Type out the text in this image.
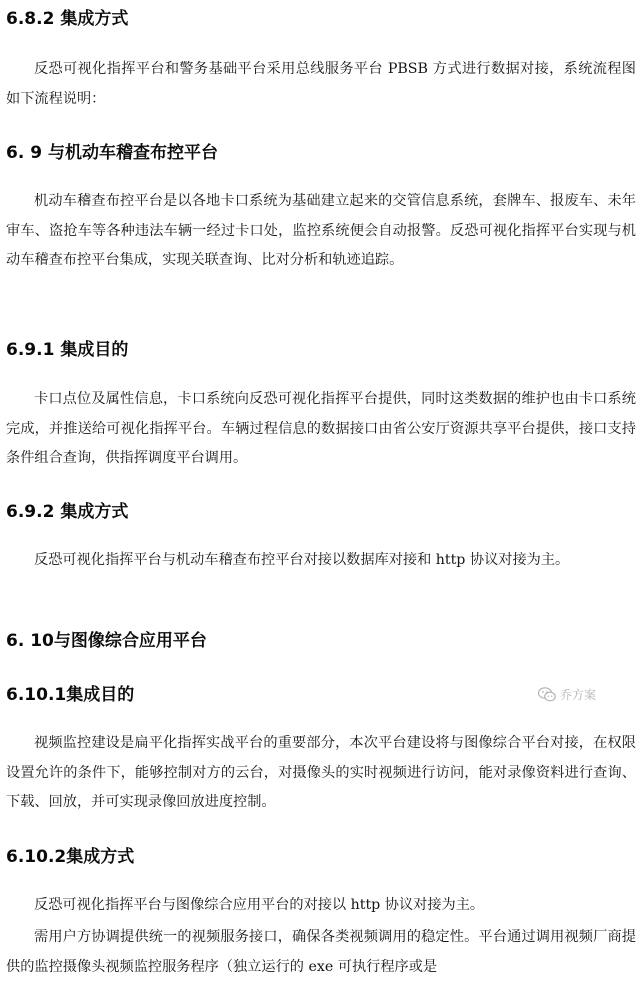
6.8.2 集成方式

反恐可视化指挥平台和警务基础平台采用总线服务平台 PBSB 方式进行数据对接，系统流程图如下流程说明：

6. 9 与机动车稽查布控平台

机动车稽查布控平台是以各地卡口系统为基础建立起来的交管信息系统，套牌车、报废车、未年审车、盗抢车等各种违法车辆一经过卡口处，监控系统便会自动报警。反恐可视化指挥平台实现与机动车稽查布控平台集成，实现关联查询、比对分析和轨迹追踪。

6.9.1 集成目的

卡口点位及属性信息，卡口系统向反恐可视化指挥平台提供，同时这类数据的维护也由卡口系统完成，并推送给可视化指挥平台。车辆过程信息的数据接口由省公安厅资源共享平台提供，接口支持条件组合查询，供指挥调度平台调用。

6.9.2 集成方式

反恐可视化指挥平台与机动车稽查布控平台对接以数据库对接和 http 协议对接为主。

6. 10与图像综合应用平台
6.10.1集成目的

视频监控建设是扁平化指挥实战平台的重要部分，本次平台建设将与图像综合平台对接，在权限设置允许的条件下，能够控制对方的云台，对摄像头的实时视频进行访问，能对录像资料进行查询、下载、回放，并可实现录像回放进度控制。

6.10.2集成方式

反恐可视化指挥平台与图像综合应用平台的对接以 http 协议对接为主。

需用户方协调提供统一的视频服务接口，确保各类视频调用的稳定性。平台通过调用视频厂商提供的监控摄像头视频监控服务程序（独立运行的 exe 可执行程序或是

乔方案
